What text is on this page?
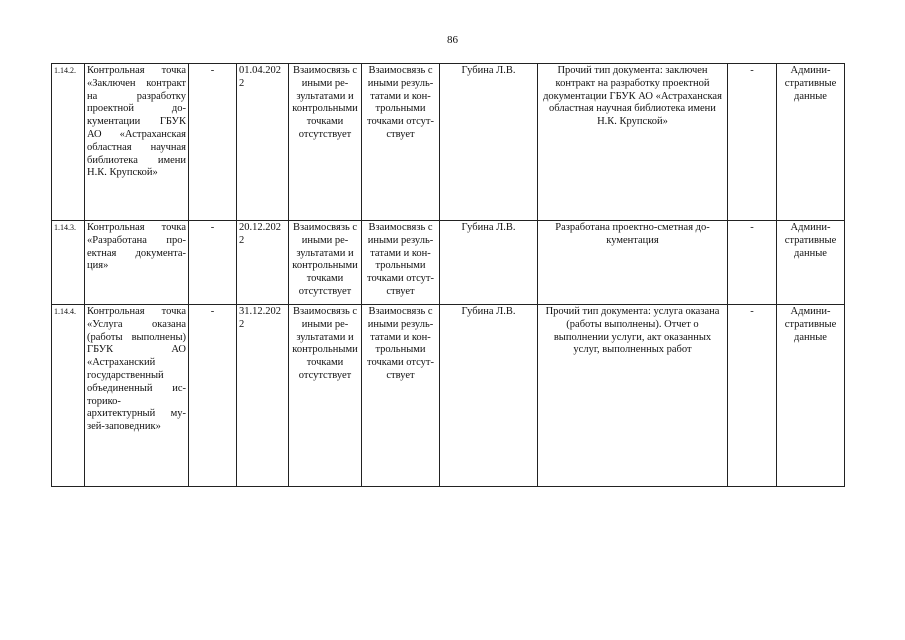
86
1.14.2.	Контрольная точка «Заключен контракт на разработку проектной документации ГБУК АО «Астраханская областная научная библиотека имени Н.К. Крупской»	-	01.04.2022	Взаимосвязь с иными результатами и контрольными точками отсутствует	Взаимосвязь с иными результатами и контрольными точками отсутствует	Губина Л.В.	Прочий тип документа: заключен контракт на разработку проектной документации ГБУК АО «Астраханская областная научная библиотека имени Н.К. Крупской»	-	Административные данные
1.14.3.	Контрольная точка «Разработана проектная документация»	-	20.12.2022	Взаимосвязь с иными результатами и контрольными точками отсутствует	Взаимосвязь с иными результатами и контрольными точками отсутствует	Губина Л.В.	Разработана проектно-сметная документация	-	Административные данные
1.14.4.	Контрольная точка «Услуга оказана (работы выполнены) ГБУК АО «Астраханский государственный объединенный историко-архитектурный музей-заповедник»	-	31.12.2022	Взаимосвязь с иными результатами и контрольными точками отсутствует	Взаимосвязь с иными результатами и контрольными точками отсутствует	Губина Л.В.	Прочий тип документа: услуга оказана (работы выполнены). Отчет о выполнении услуги, акт оказанных услуг, выполненных работ	-	Административные данные
